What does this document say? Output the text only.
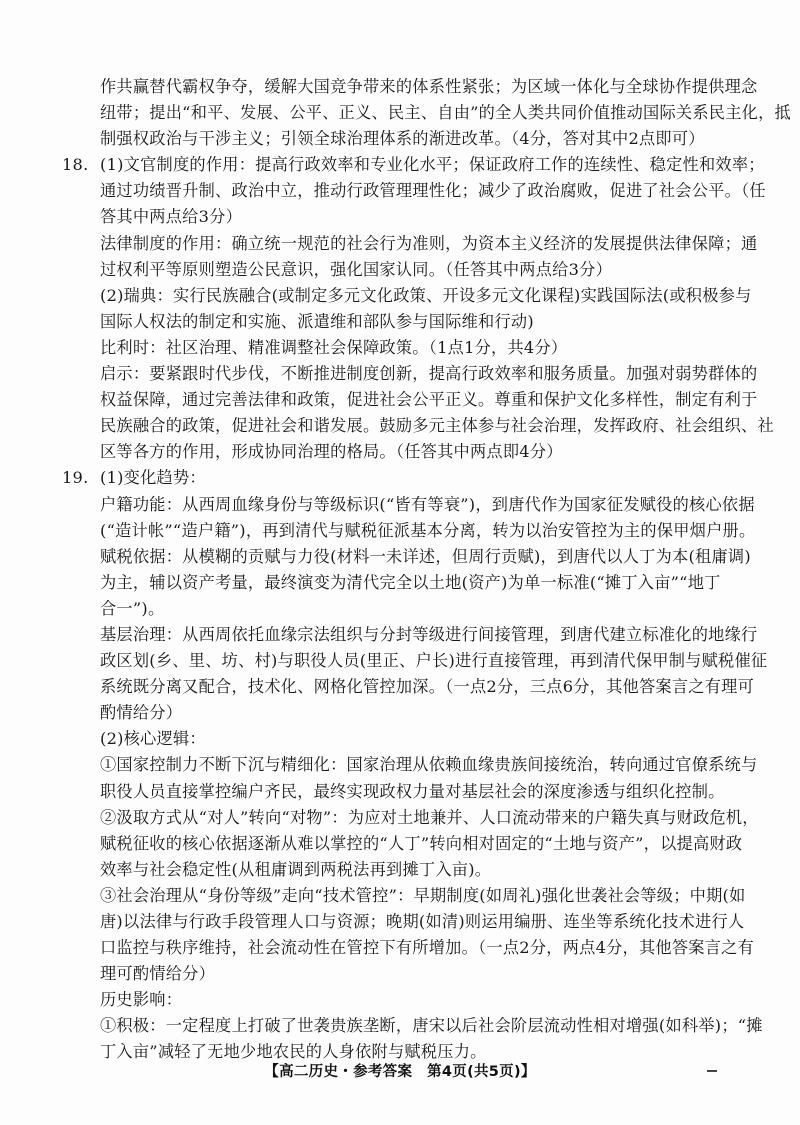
作共赢替代霸权争夺，缓解大国竞争带来的体系性紧张；为区域一体化与全球协作提供理念
纽带；提出“和平、发展、公平、正义、民主、自由”的全人类共同价值推动国际关系民主化，抵
制强权政治与干涉主义；引领全球治理体系的渐进改革。（4分，答对其中2点即可）
18. (1)文官制度的作用：提高行政效率和专业化水平；保证政府工作的连续性、稳定性和效率；
通过功绩晋升制、政治中立，推动行政管理理性化；减少了政治腐败，促进了社会公平。（任
答其中两点给3分）
法律制度的作用：确立统一规范的社会行为准则，为资本主义经济的发展提供法律保障；通
过权利平等原则塑造公民意识，强化国家认同。（任答其中两点给3分）
(2)瑞典：实行民族融合(或制定多元文化政策、开设多元文化课程)实践国际法(或积极参与
国际人权法的制定和实施、派遣维和部队参与国际维和行动)
比利时：社区治理、精准调整社会保障政策。（1点1分，共4分）
启示：要紧跟时代步伐，不断推进制度创新，提高行政效率和服务质量。加强对弱势群体的
权益保障，通过完善法律和政策，促进社会公平正义。尊重和保护文化多样性，制定有利于
民族融合的政策，促进社会和谐发展。鼓励多元主体参与社会治理，发挥政府、社会组织、社
区等各方的作用，形成协同治理的格局。（任答其中两点即4分）
19. (1)变化趋势：
户籍功能：从西周血缘身份与等级标识(“皆有等衰”)，到唐代作为国家征发赋役的核心依据
(“造计帐”“造户籍”)，再到清代与赋税征派基本分离，转为以治安管控为主的保甲烟户册。
赋税依据：从模糊的贡赋与力役(材料一未详述，但周行贡赋)，到唐代以人丁为本(租庸调)
为主，辅以资产考量，最终演变为清代完全以土地(资产)为单一标准(“摊丁入亩”“地丁
合一”)。
基层治理：从西周依托血缘宗法组织与分封等级进行间接管理，到唐代建立标准化的地缘行
政区划(乡、里、坊、村)与职役人员(里正、户长)进行直接管理，再到清代保甲制与赋税催征
系统既分离又配合，技术化、网格化管控加深。（一点2分，三点6分，其他答案言之有理可
酌情给分）
(2)核心逻辑：
①国家控制力不断下沉与精细化：国家治理从依赖血缘贵族间接统治，转向通过官僚系统与
职役人员直接掌控编户齐民，最终实现政权力量对基层社会的深度渗透与组织化控制。
②汲取方式从“对人”转向“对物”：为应对土地兼并、人口流动带来的户籍失真与财政危机，
赋税征收的核心依据逐渐从难以掌控的“人丁”转向相对固定的“土地与资产”，以提高财政
效率与社会稳定性(从租庸调到两税法再到摊丁入亩)。
③社会治理从“身份等级”走向“技术管控”：早期制度(如周礼)强化世袭社会等级；中期(如
唐)以法律与行政手段管理人口与资源；晚期(如清)则运用编册、连坐等系统化技术进行人
口监控与秩序维持，社会流动性在管控下有所增加。（一点2分，两点4分，其他答案言之有
理可酌情给分）
历史影响：
①积极：一定程度上打破了世袭贵族垄断，唐宋以后社会阶层流动性相对增强(如科举)；“摊
丁入亩”减轻了无地少地农民的人身依附与赋税压力。
【高二历史・参考答案　第4页(共5页)】
